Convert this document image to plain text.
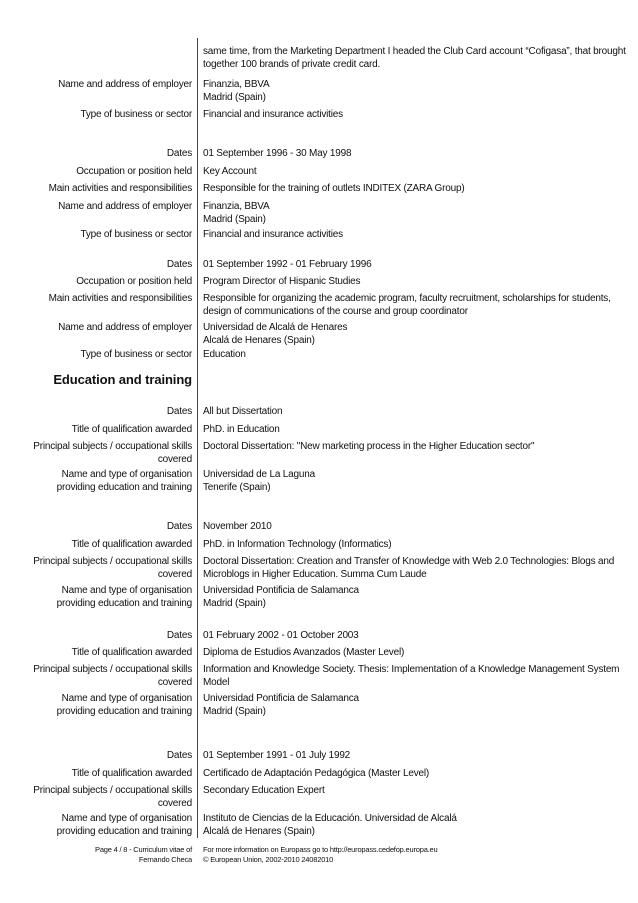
same time, from the Marketing Department I headed the Club Card account “Cofigasa”, that brought
together 100 brands of private credit card.
Name and address of employer Finanzia, BBVA
Madrid (Spain)
Type of business or sector Financial and insurance activities
Dates 01 September 1996 - 30 May 1998
Occupation or position held Key Account
Main activities and responsibilities Responsible for the training of outlets INDITEX (ZARA Group)
Name and address of employer Finanzia, BBVA
Madrid (Spain)
Type of business or sector Financial and insurance activities
Dates 01 September 1992 - 01 February 1996
Occupation or position held Program Director of Hispanic Studies
Main activities and responsibilities Responsible for organizing the academic program, faculty recruitment, scholarships for students,
design of communications of the course and group coordinator
Name and address of employer Universidad de Alcalá de Henares
Alcalá de Henares (Spain)
Type of business or sector Education
Dates All but Dissertation
Title of qualification awarded PhD. in Education
Principal subjects / occupational skills
covered
Doctoral Dissertation: "New marketing process in the Higher Education sector"
Name and type of organisation
providing education and training
Universidad de La Laguna
Tenerife (Spain)
Dates November 2010
Title of qualification awarded PhD. in Information Technology (Informatics)
Principal subjects / occupational skills
covered
Doctoral Dissertation: Creation and Transfer of Knowledge with Web 2.0 Technologies: Blogs and
Microblogs in Higher Education. Summa Cum Laude
Name and type of organisation
providing education and training
Universidad Pontificia de Salamanca
Madrid (Spain)
Dates 01 February 2002 - 01 October 2003
Title of qualification awarded Diploma de Estudios Avanzados (Master Level)
Principal subjects / occupational skills
covered
Information and Knowledge Society. Thesis: Implementation of a Knowledge Management System
Model
Name and type of organisation
providing education and training
Universidad Pontificia de Salamanca
Madrid (Spain)
Dates 01 September 1991 - 01 July 1992
Title of qualification awarded Certificado de Adaptación Pedagógica (Master Level)
Principal subjects / occupational skills
covered
Secondary Education Expert
Name and type of organisation
providing education and training
Instituto de Ciencias de la Educación. Universidad de Alcalá
Alcalá de Henares (Spain)
Education and training
Page 4 / 8 - Curriculum vitae of
Fernando Checa
For more information on Europass go to http://europass.cedefop.europa.eu
© European Union, 2002-2010 24082010
